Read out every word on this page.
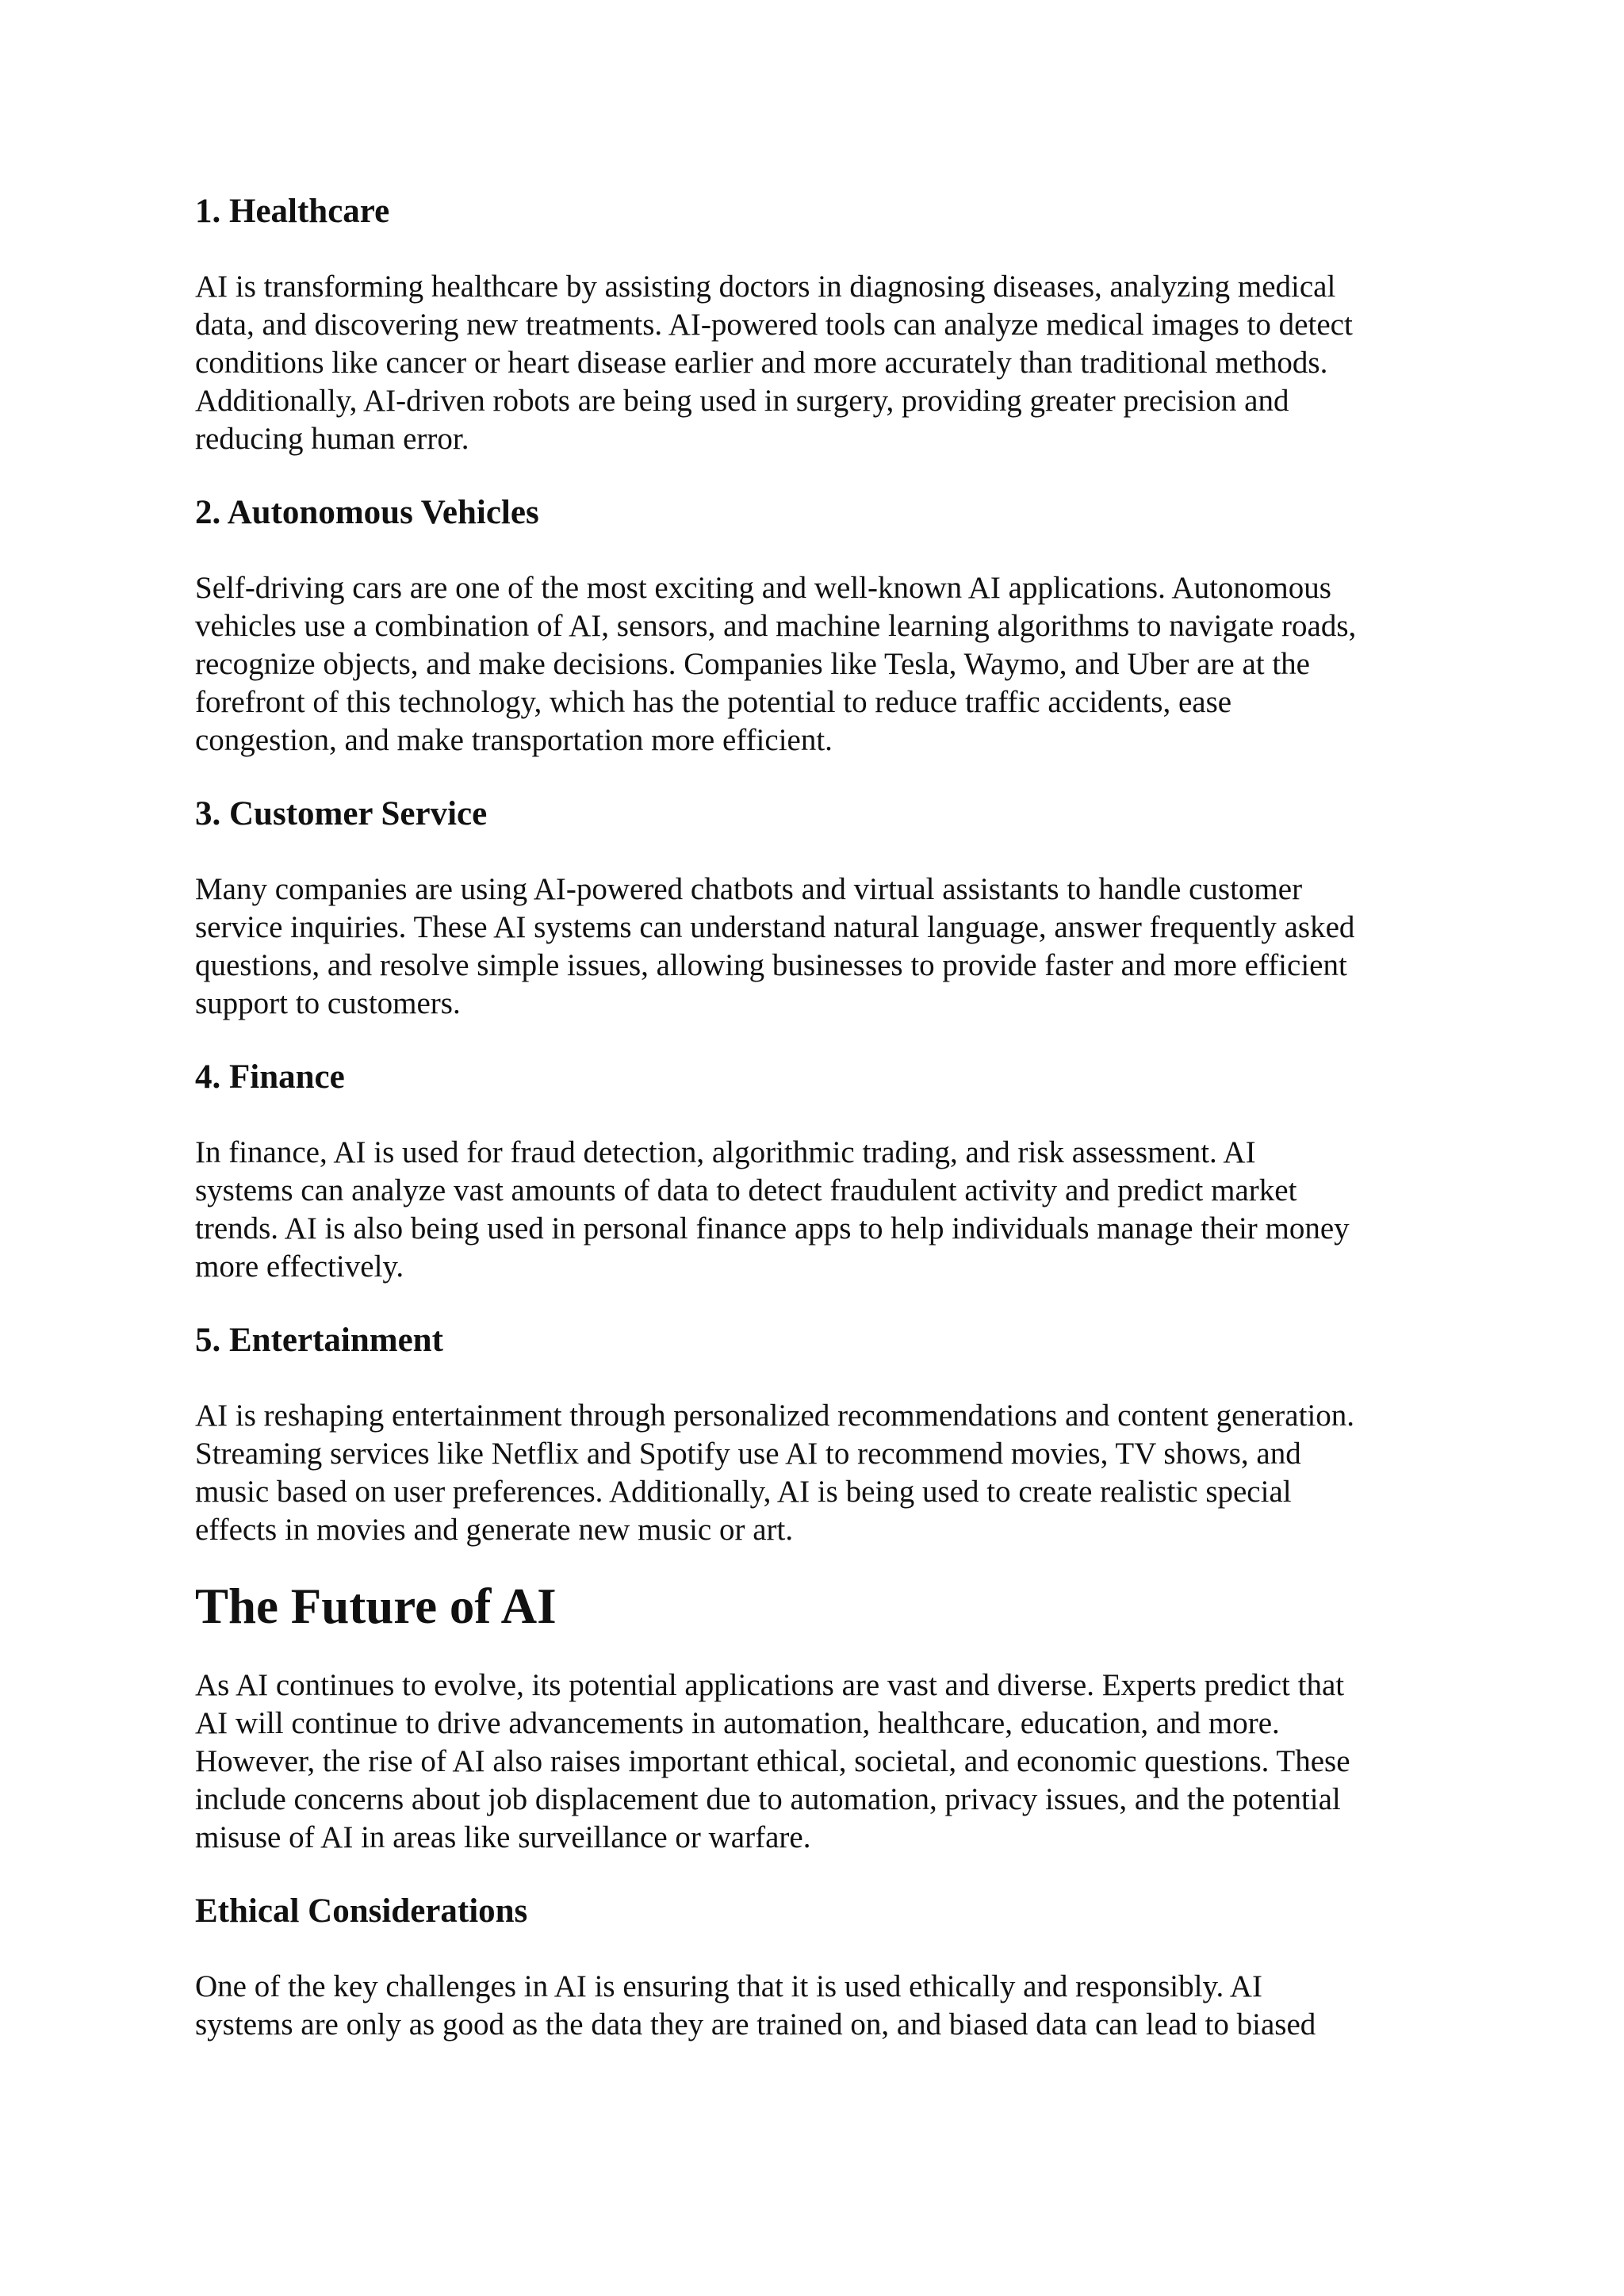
1. Healthcare

AI is transforming healthcare by assisting doctors in diagnosing diseases, analyzing medical
data, and discovering new treatments. AI-powered tools can analyze medical images to detect
conditions like cancer or heart disease earlier and more accurately than traditional methods.
Additionally, AI-driven robots are being used in surgery, providing greater precision and
reducing human error.

2. Autonomous Vehicles

Self-driving cars are one of the most exciting and well-known AI applications. Autonomous
vehicles use a combination of AI, sensors, and machine learning algorithms to navigate roads,
recognize objects, and make decisions. Companies like Tesla, Waymo, and Uber are at the
forefront of this technology, which has the potential to reduce traffic accidents, ease
congestion, and make transportation more efficient.

3. Customer Service

Many companies are using AI-powered chatbots and virtual assistants to handle customer
service inquiries. These AI systems can understand natural language, answer frequently asked
questions, and resolve simple issues, allowing businesses to provide faster and more efficient
support to customers.

4. Finance

In finance, AI is used for fraud detection, algorithmic trading, and risk assessment. AI
systems can analyze vast amounts of data to detect fraudulent activity and predict market
trends. AI is also being used in personal finance apps to help individuals manage their money
more effectively.

5. Entertainment

AI is reshaping entertainment through personalized recommendations and content generation.
Streaming services like Netflix and Spotify use AI to recommend movies, TV shows, and
music based on user preferences. Additionally, AI is being used to create realistic special
effects in movies and generate new music or art.

The Future of AI

As AI continues to evolve, its potential applications are vast and diverse. Experts predict that
AI will continue to drive advancements in automation, healthcare, education, and more.
However, the rise of AI also raises important ethical, societal, and economic questions. These
include concerns about job displacement due to automation, privacy issues, and the potential
misuse of AI in areas like surveillance or warfare.

Ethical Considerations

One of the key challenges in AI is ensuring that it is used ethically and responsibly. AI
systems are only as good as the data they are trained on, and biased data can lead to biased
